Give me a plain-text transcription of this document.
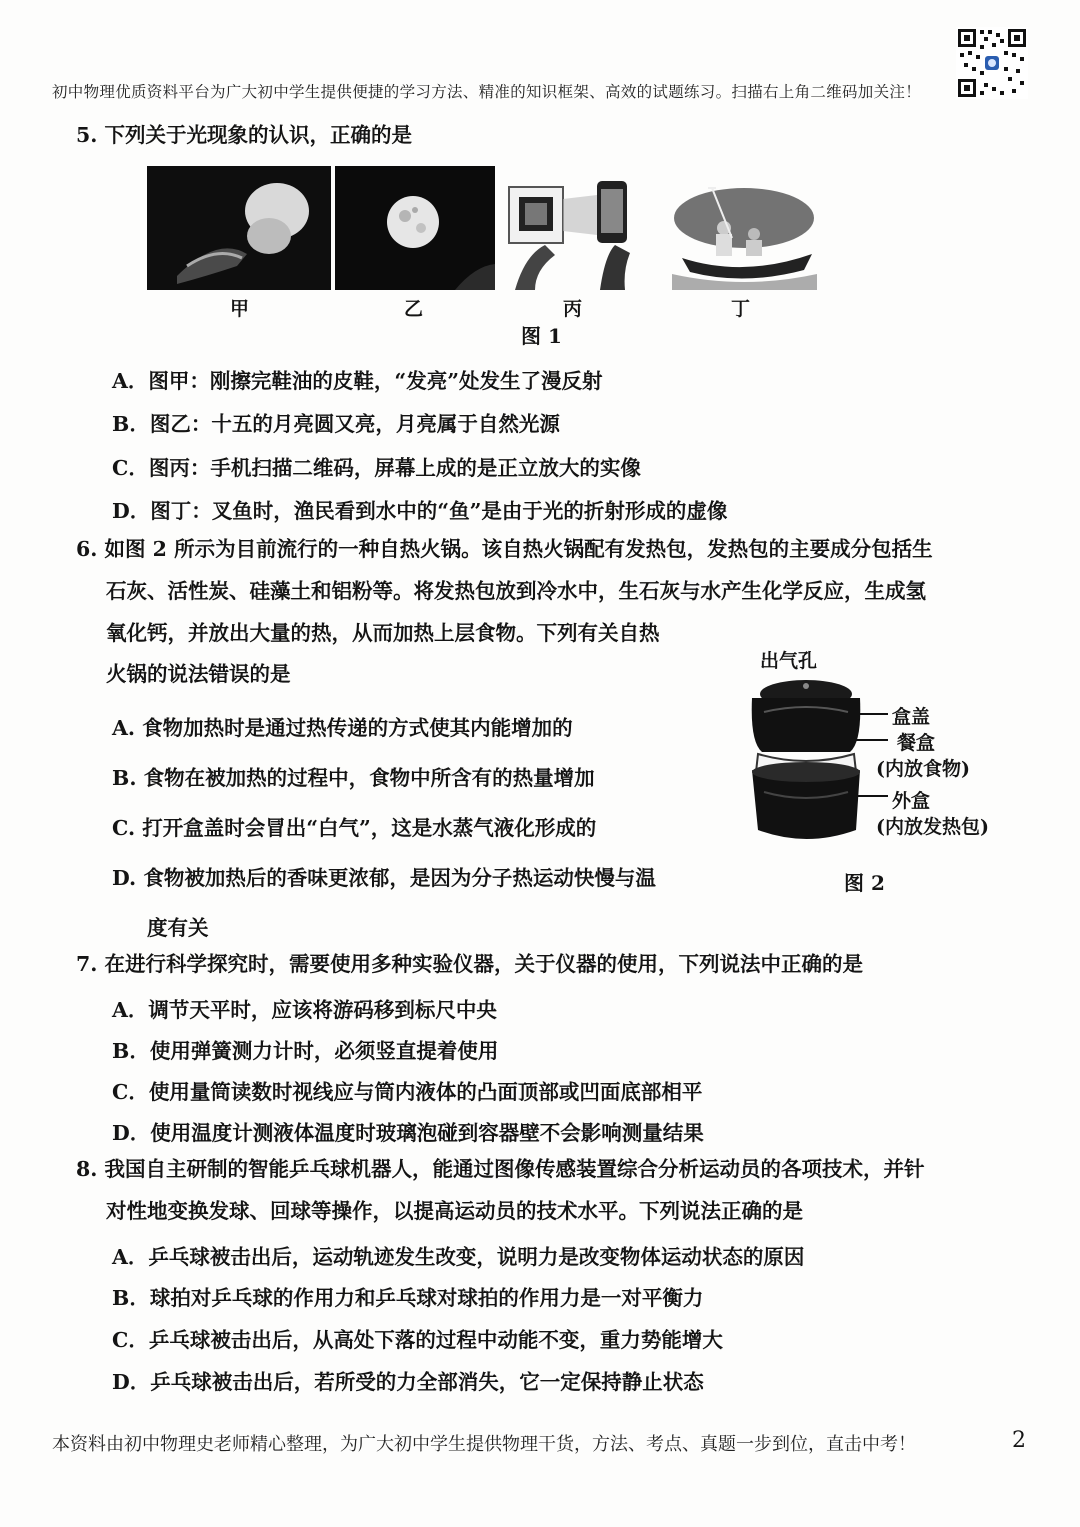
初中物理优质资料平台为广大初中学生提供便捷的学习方法、精准的知识框架、高效的试题练习。扫描右上角二维码加关注！
5. 下列关于光现象的认识，正确的是
甲	乙	丙	丁
图 1
A．图甲：刚擦完鞋油的皮鞋，“发亮”处发生了漫反射
B．图乙：十五的月亮圆又亮，月亮属于自然光源
C．图丙：手机扫描二维码，屏幕上成的是正立放大的实像
D．图丁：叉鱼时，渔民看到水中的“鱼”是由于光的折射形成的虚像
6. 如图 2 所示为目前流行的一种自热火锅。该自热火锅配有发热包，发热包的主要成分包括生
石灰、活性炭、硅藻土和铝粉等。将发热包放到冷水中，生石灰与水产生化学反应，生成氢
氧化钙，并放出大量的热，从而加热上层食物。下列有关自热
火锅的说法错误的是
A. 食物加热时是通过热传递的方式使其内能增加的
B. 食物在被加热的过程中，食物中所含有的热量增加
C. 打开盒盖时会冒出“白气”，这是水蒸气液化形成的
D. 食物被加热后的香味更浓郁，是因为分子热运动快慢与温
度有关
出气孔
盒盖
餐盒
(内放食物)
外盒
(内放发热包)
图 2
7. 在进行科学探究时，需要使用多种实验仪器，关于仪器的使用，下列说法中正确的是
A．调节天平时，应该将游码移到标尺中央
B．使用弹簧测力计时，必须竖直提着使用
C．使用量筒读数时视线应与筒内液体的凸面顶部或凹面底部相平
D．使用温度计测液体温度时玻璃泡碰到容器壁不会影响测量结果
8. 我国自主研制的智能乒乓球机器人，能通过图像传感装置综合分析运动员的各项技术，并针
对性地变换发球、回球等操作，以提高运动员的技术水平。下列说法正确的是
A．乒乓球被击出后，运动轨迹发生改变，说明力是改变物体运动状态的原因
B．球拍对乒乓球的作用力和乒乓球对球拍的作用力是一对平衡力
C．乒乓球被击出后，从高处下落的过程中动能不变，重力势能增大
D．乒乓球被击出后，若所受的力全部消失，它一定保持静止状态
本资料由初中物理史老师精心整理，为广大初中学生提供物理干货，方法、考点、真题一步到位，直击中考！	2
